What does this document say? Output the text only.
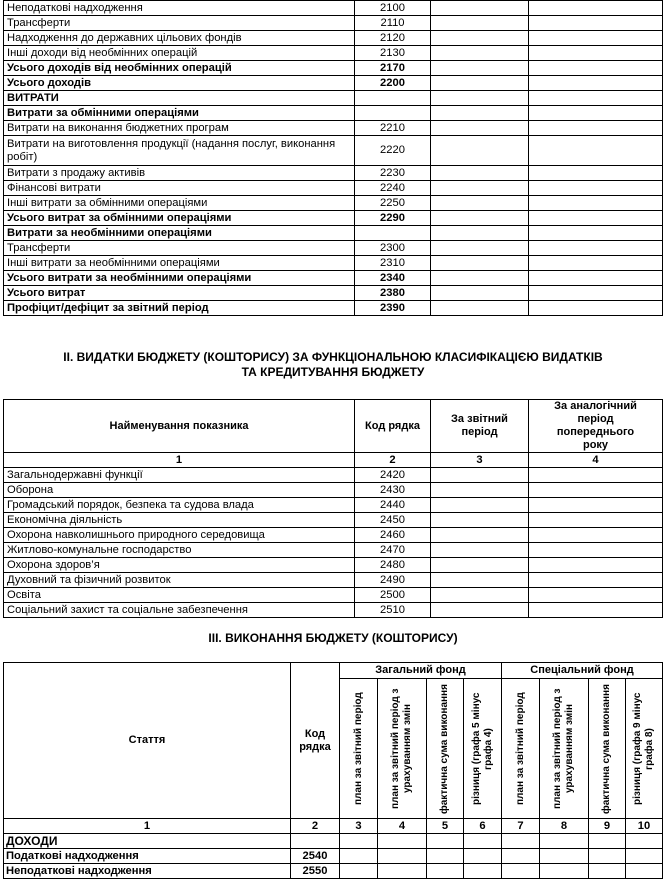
Неподаткові надходження	2100		
Трансферти	2110		
Надходження до державних цільових фондів	2120		
Інші доходи від необмінних операцій	2130		
Усього доходів від необмінних операцій	2170		
Усього доходів	2200		
ВИТРАТИ			
Витрати за обмінними операціями			
Витрати на виконання бюджетних програм	2210		
Витрати на виготовлення продукції (надання послуг, виконання робіт)	2220		
Витрати з продажу активів	2230		
Фінансові витрати	2240		
Інші витрати за обмінними операціями	2250		
Усього витрат за обмінними операціями	2290		
Витрати за необмінними операціями			
Трансферти	2300		
Інші витрати за необмінними операціями	2310		
Усього витрати за необмінними операціями	2340		
Усього витрат	2380		
Профіцит/дефіцит за звітний період	2390		
ІІ. ВИДАТКИ БЮДЖЕТУ (КОШТОРИСУ) ЗА ФУНКЦІОНАЛЬНОЮ КЛАСИФІКАЦІЄЮ ВИДАТКІВ
ТА КРЕДИТУВАННЯ БЮДЖЕТУ
Найменування показника	Код рядка	За звітний період	За аналогічний період попереднього року

1	2	3	4
Загальнодержавні функції	2420		
Оборона	2430		
Громадський порядок, безпека та судова влада	2440		
Економічна діяльність	2450		
Охорона навколишнього природного середовища	2460		
Житлово-комунальне господарство	2470		
Охорона здоров’я	2480		
Духовний та фізичний розвиток	2490		
Освіта	2500		
Соціальний захист та соціальне забезпечення	2510		
ІІІ. ВИКОНАННЯ БЮДЖЕТУ (КОШТОРИСУ)
Стаття	Код рядка	Загальний фонд				Спеціальний фонд			

		план за звітний період	план за звітний період з урахуванням змін	фактична сума виконання	різниця (графа 5 мінус графа 4)	план за звітний період	план за звітний період з урахуванням змін	фактична сума виконання	різниця (графа 9 мінус графа 8)

1	2	3	4	5	6	7	8	9	10
ДОХОДИ									
Податкові надходження	2540								
Неподаткові надходження	2550								
